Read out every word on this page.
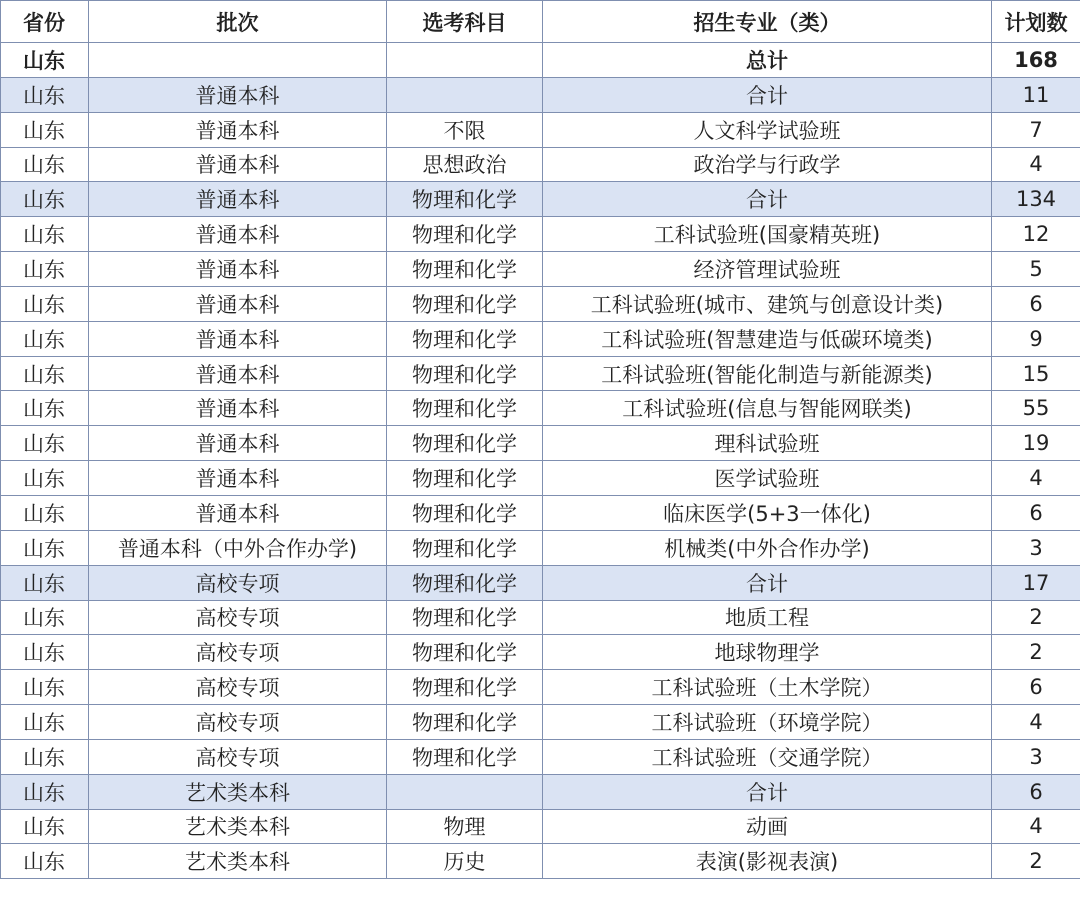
省份	批次	选考科目	招生专业（类）	计划数
山东			总计	168
山东	普通本科		合计	11
山东	普通本科	不限	人文科学试验班	7
山东	普通本科	思想政治	政治学与行政学	4
山东	普通本科	物理和化学	合计	134
山东	普通本科	物理和化学	工科试验班(国豪精英班)	12
山东	普通本科	物理和化学	经济管理试验班	5
山东	普通本科	物理和化学	工科试验班(城市、建筑与创意设计类)	6
山东	普通本科	物理和化学	工科试验班(智慧建造与低碳环境类)	9
山东	普通本科	物理和化学	工科试验班(智能化制造与新能源类)	15
山东	普通本科	物理和化学	工科试验班(信息与智能网联类)	55
山东	普通本科	物理和化学	理科试验班	19
山东	普通本科	物理和化学	医学试验班	4
山东	普通本科	物理和化学	临床医学(5+3一体化)	6
山东	普通本科（中外合作办学)	物理和化学	机械类(中外合作办学)	3
山东	高校专项	物理和化学	合计	17
山东	高校专项	物理和化学	地质工程	2
山东	高校专项	物理和化学	地球物理学	2
山东	高校专项	物理和化学	工科试验班（土木学院）	6
山东	高校专项	物理和化学	工科试验班（环境学院）	4
山东	高校专项	物理和化学	工科试验班（交通学院）	3
山东	艺术类本科		合计	6
山东	艺术类本科	物理	动画	4
山东	艺术类本科	历史	表演(影视表演)	2
